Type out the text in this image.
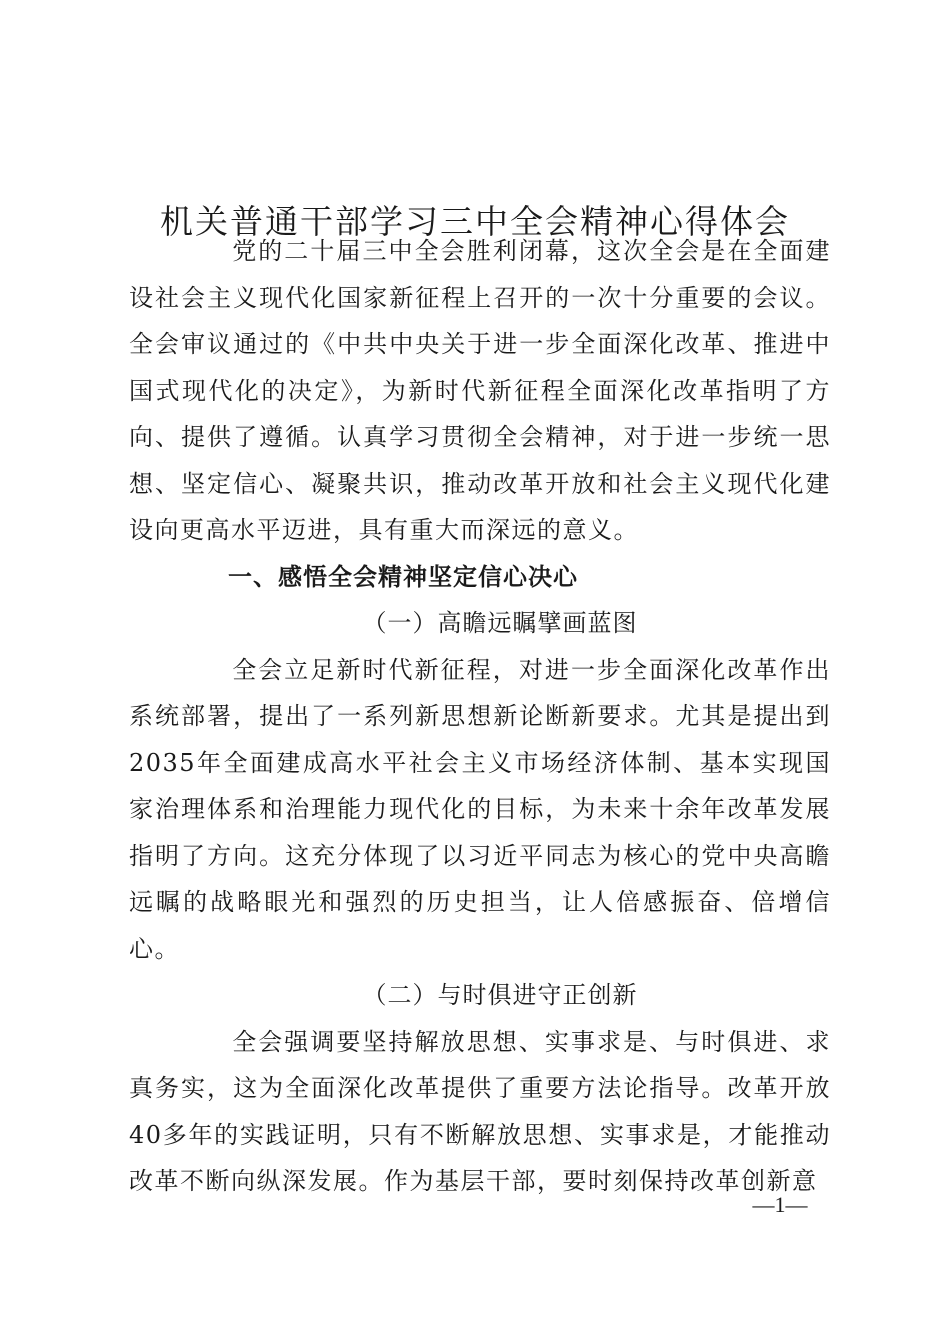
机关普通干部学习三中全会精神心得体会

党的二十届三中全会胜利闭幕，这次全会是在全面建设社会主义现代化国家新征程上召开的一次十分重要的会议。全会审议通过的《中共中央关于进一步全面深化改革、推进中国式现代化的决定》，为新时代新征程全面深化改革指明了方向、提供了遵循。认真学习贯彻全会精神，对于进一步统一思想、坚定信心、凝聚共识，推动改革开放和社会主义现代化建设向更高水平迈进，具有重大而深远的意义。

一、感悟全会精神坚定信心决心

（一）高瞻远瞩擘画蓝图

全会立足新时代新征程，对进一步全面深化改革作出系统部署，提出了一系列新思想新论断新要求。尤其是提出到2035年全面建成高水平社会主义市场经济体制、基本实现国家治理体系和治理能力现代化的目标，为未来十余年改革发展指明了方向。这充分体现了以习近平同志为核心的党中央高瞻远瞩的战略眼光和强烈的历史担当，让人倍感振奋、倍增信心。

（二）与时俱进守正创新

全会强调要坚持解放思想、实事求是、与时俱进、求真务实，这为全面深化改革提供了重要方法论指导。改革开放40多年的实践证明，只有不断解放思想、实事求是，才能推动改革不断向纵深发展。作为基层干部，要时刻保持改革创新意

—1—
